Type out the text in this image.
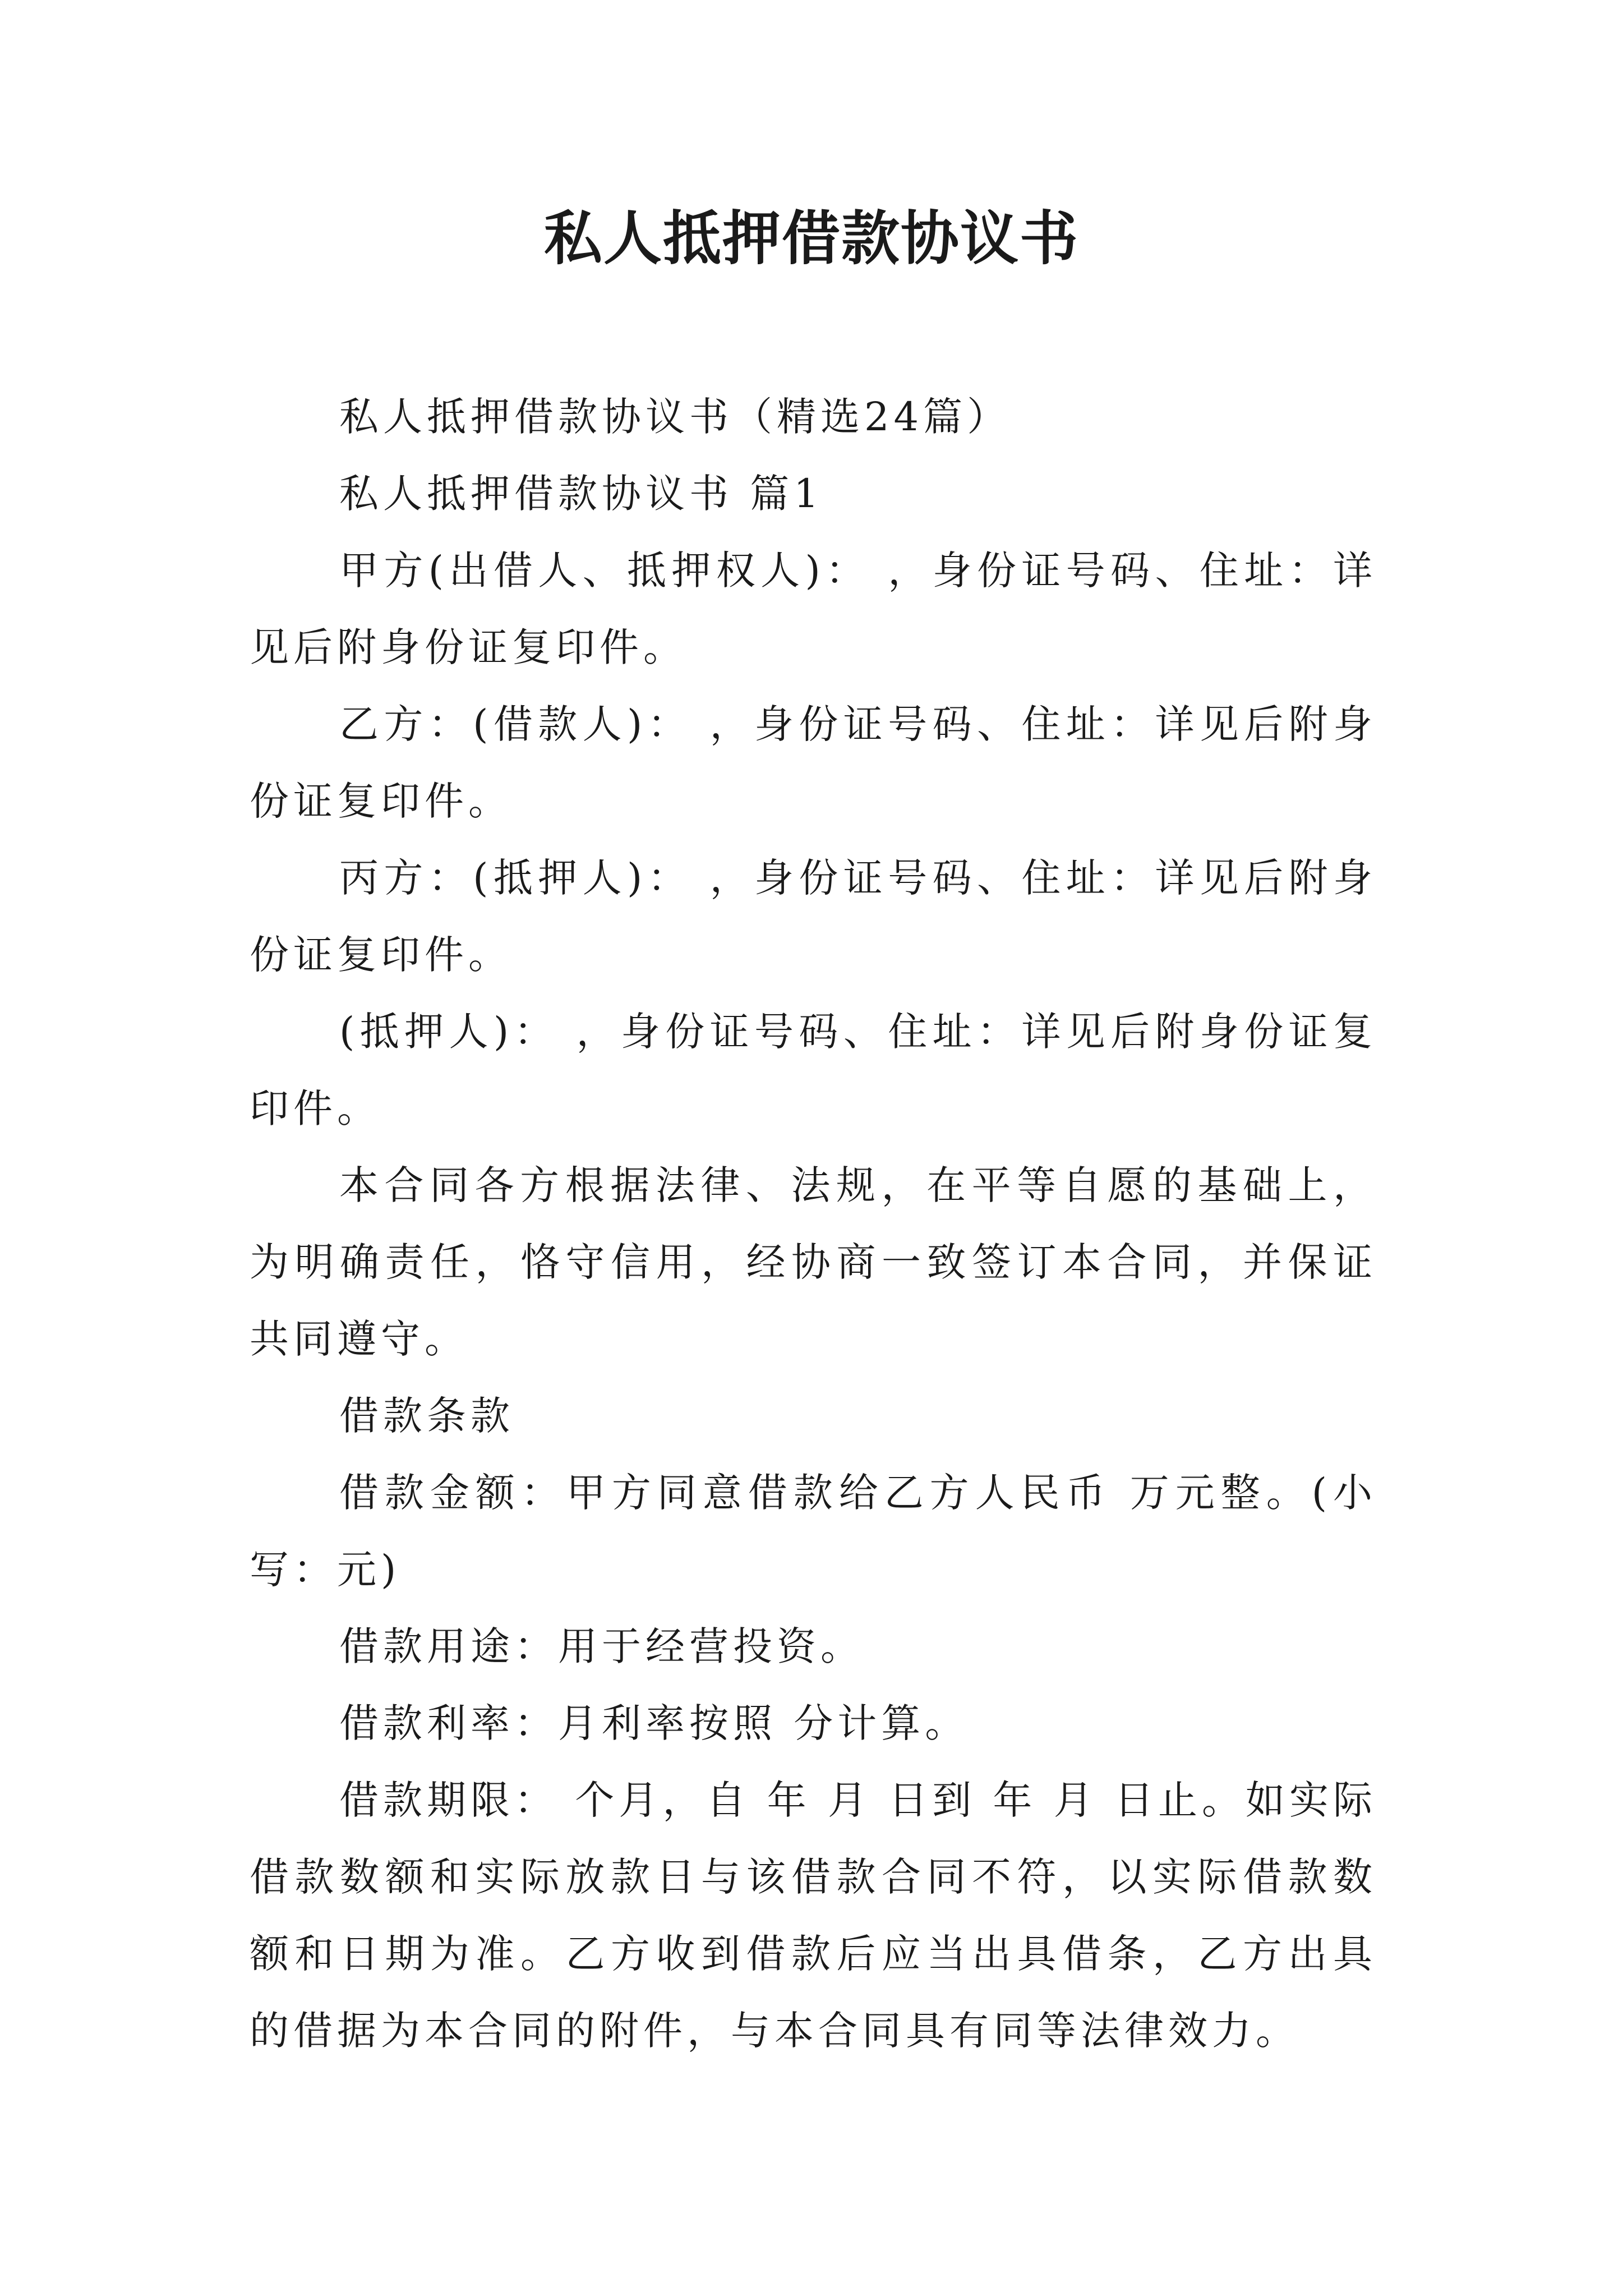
私人抵押借款协议书

私人抵押借款协议书（精选24篇）

私人抵押借款协议书 篇1

甲方(出借人、抵押权人)： ，身份证号码、住址：详见后附身份证复印件。

乙方：(借款人)： ，身份证号码、住址：详见后附身份证复印件。

丙方：(抵押人)： ，身份证号码、住址：详见后附身份证复印件。

(抵押人)： ，身份证号码、住址：详见后附身份证复印件。

本合同各方根据法律、法规，在平等自愿的基础上，为明确责任，恪守信用，经协商一致签订本合同，并保证共同遵守。

借款条款

借款金额：甲方同意借款给乙方人民币 万元整。(小写：元)

借款用途：用于经营投资。

借款利率：月利率按照 分计算。

借款期限： 个月，自 年 月 日到 年 月 日止。如实际借款数额和实际放款日与该借款合同不符，以实际借款数额和日期为准。乙方收到借款后应当出具借条，乙方出具的借据为本合同的附件，与本合同具有同等法律效力。
